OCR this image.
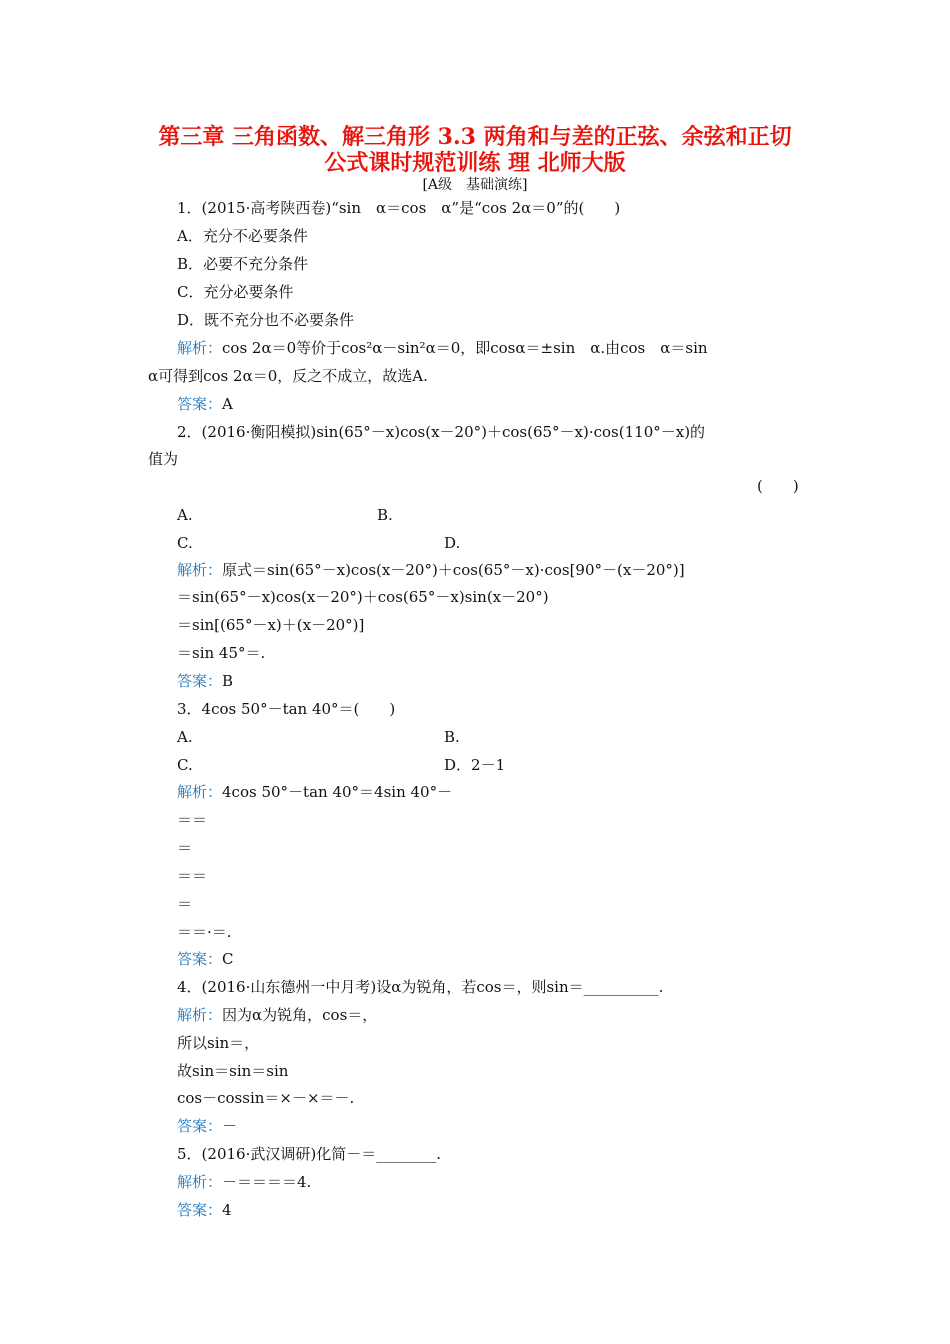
第三章 三角函数、解三角形 3.3 两角和与差的正弦、余弦和正切
公式课时规范训练 理 北师大版
[A级　基础演练]
1．(2015·高考陕西卷)“sin　α＝cos　α”是“cos 2α＝0”的(　　)
A．充分不必要条件
B．必要不充分条件
C．充分必要条件
D．既不充分也不必要条件
解析：cos 2α＝0等价于cos²α－sin²α＝0，即cosα＝±sin　α.由cos　α＝sin
α可得到cos 2α＝0，反之不成立，故选A.
答案：A
2．(2016·衡阳模拟)sin(65°－x)cos(x－20°)＋cos(65°－x)·cos(110°－x)的
值为
(　　)
A.	B.
C.	D.
解析：原式＝sin(65°－x)cos(x－20°)＋cos(65°－x)·cos[90°－(x－20°)]
＝sin(65°－x)cos(x－20°)＋cos(65°－x)sin(x－20°)
＝sin[(65°－x)＋(x－20°)]
＝sin 45°＝.
答案：B
3．4cos 50°－tan 40°＝(　　)
A.	B.
C.	D．2－1
解析：4cos 50°－tan 40°＝4sin 40°－
＝＝
＝
＝＝
＝
＝＝·＝.
答案：C
4．(2016·山东德州一中月考)设α为锐角，若cos＝，则sin＝__________.
解析：因为α为锐角，cos＝，
所以sin＝，
故sin＝sin＝sin
cos－cossin＝×－×＝－.
答案：－
5．(2016·武汉调研)化简－＝________.
解析：－＝＝＝＝4.
答案：4
